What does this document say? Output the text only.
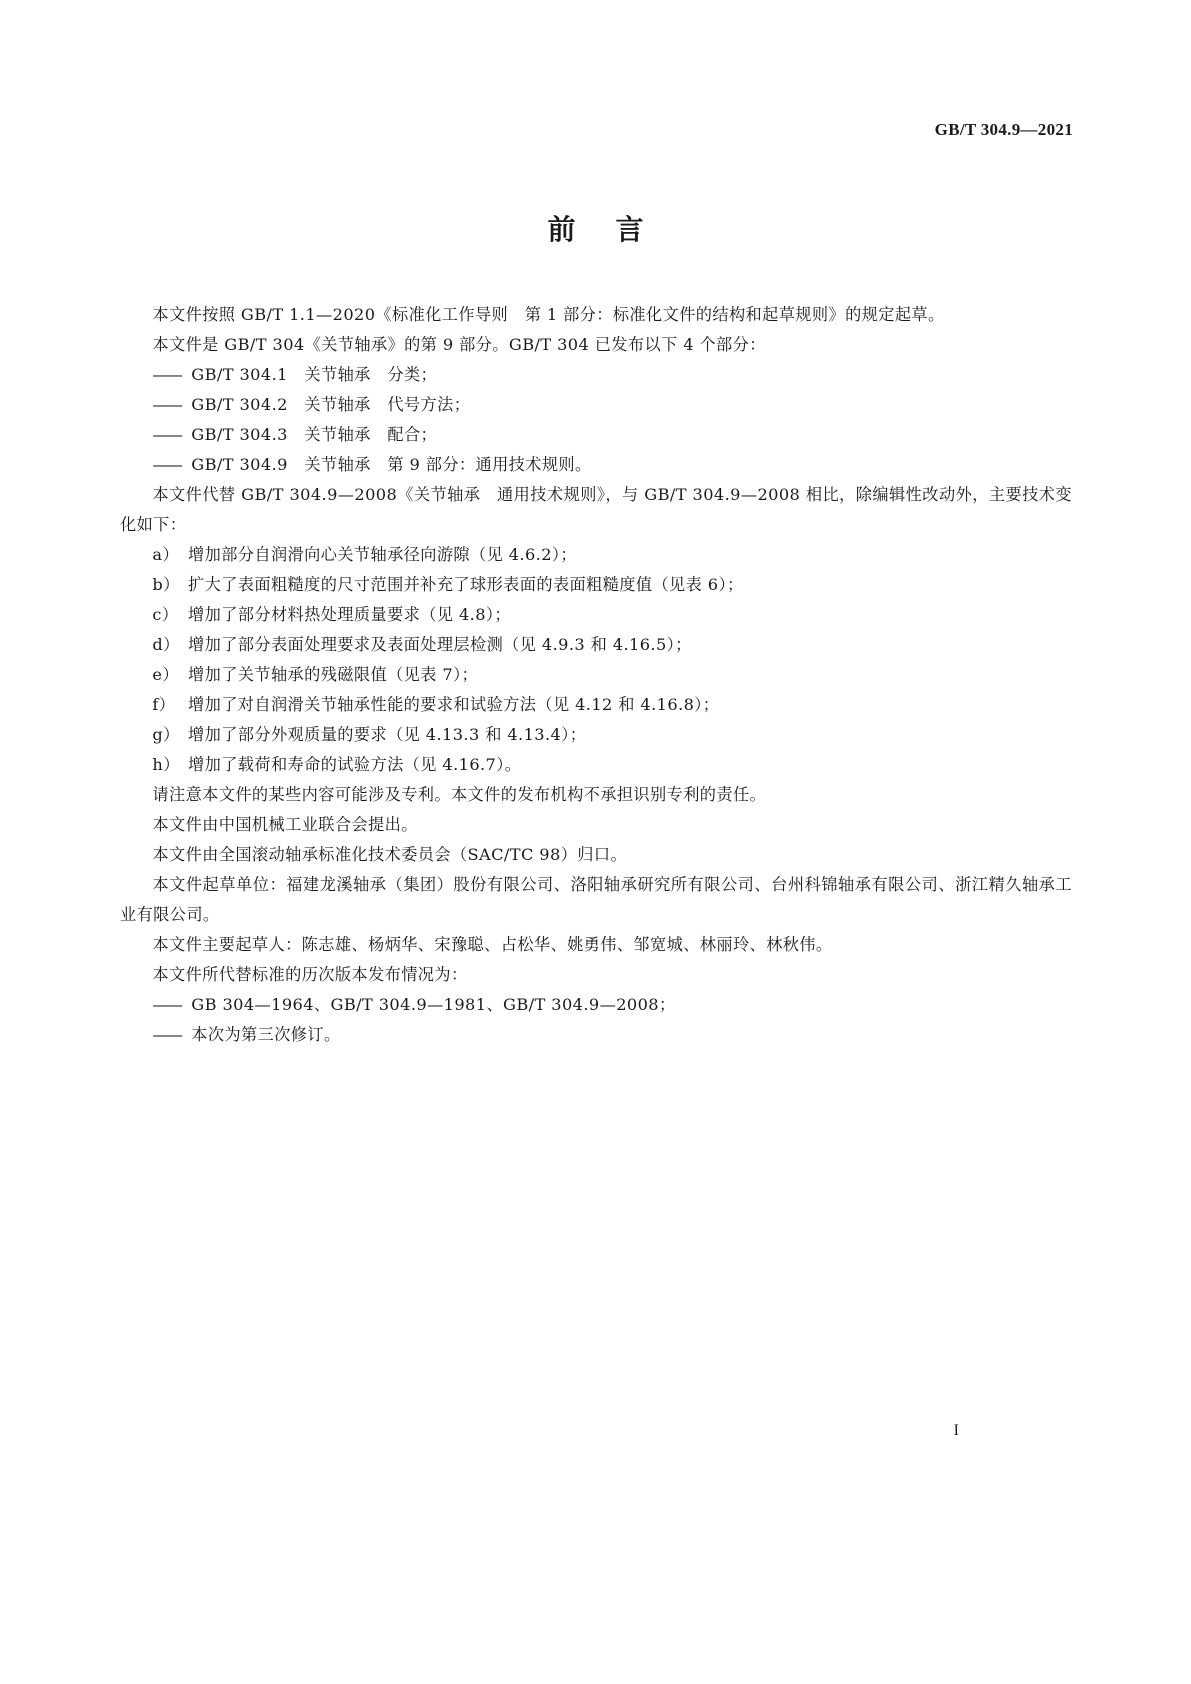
GB/T 304.9—2021
前言

本文件按照 GB/T 1.1—2020《标准化工作导则　第 1 部分：标准化文件的结构和起草规则》的规定起草。

本文件是 GB/T 304《关节轴承》的第 9 部分。GB/T 304 已发布以下 4 个部分：

—— GB/T 304.1　关节轴承　分类；
—— GB/T 304.2　关节轴承　代号方法；
—— GB/T 304.3　关节轴承　配合；
—— GB/T 304.9　关节轴承　第 9 部分：通用技术规则。

本文件代替 GB/T 304.9—2008《关节轴承　通用技术规则》，与 GB/T 304.9—2008 相比，除编辑性改动外，主要技术变化如下：

a） 增加部分自润滑向心关节轴承径向游隙（见 4.6.2）；
b） 扩大了表面粗糙度的尺寸范围并补充了球形表面的表面粗糙度值（见表 6）；
c） 增加了部分材料热处理质量要求（见 4.8）；
d） 增加了部分表面处理要求及表面处理层检测（见 4.9.3 和 4.16.5）；
e） 增加了关节轴承的残磁限值（见表 7）；
f） 增加了对自润滑关节轴承性能的要求和试验方法（见 4.12 和 4.16.8）；
g） 增加了部分外观质量的要求（见 4.13.3 和 4.13.4）；
h） 增加了载荷和寿命的试验方法（见 4.16.7）。

请注意本文件的某些内容可能涉及专利。本文件的发布机构不承担识别专利的责任。

本文件由中国机械工业联合会提出。

本文件由全国滚动轴承标准化技术委员会（SAC/TC 98）归口。

本文件起草单位：福建龙溪轴承（集团）股份有限公司、洛阳轴承研究所有限公司、台州科锦轴承有限公司、浙江精久轴承工业有限公司。

本文件主要起草人：陈志雄、杨炳华、宋豫聪、占松华、姚勇伟、邹宽城、林丽玲、林秋伟。

本文件所代替标准的历次版本发布情况为：

—— GB 304—1964、GB/T 304.9—1981、GB/T 304.9—2008；
—— 本次为第三次修订。
I
